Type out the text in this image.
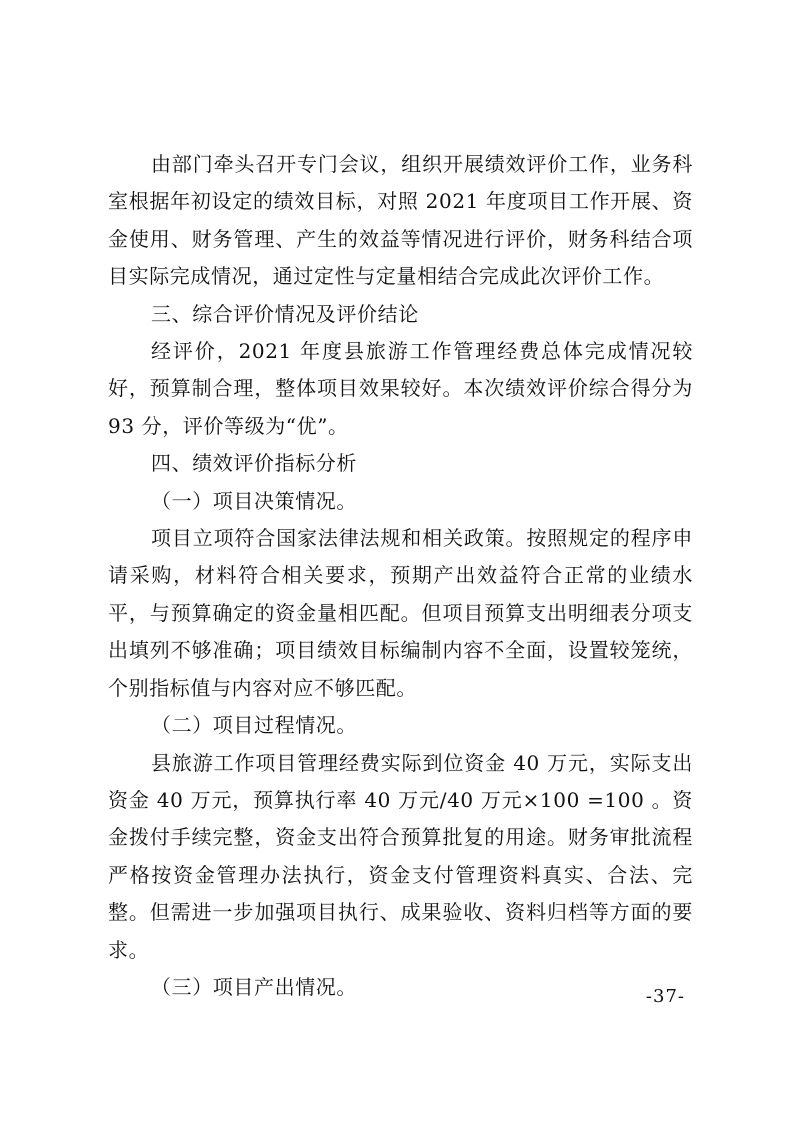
由部门牵头召开专门会议，组织开展绩效评价工作，业务科室根据年初设定的绩效目标，对照 2021 年度项目工作开展、资金使用、财务管理、产生的效益等情况进行评价，财务科结合项目实际完成情况，通过定性与定量相结合完成此次评价工作。

三、综合评价情况及评价结论

经评价，2021 年度县旅游工作管理经费总体完成情况较好，预算制合理，整体项目效果较好。本次绩效评价综合得分为 93 分，评价等级为“优”。

四、绩效评价指标分析

（一）项目决策情况。

项目立项符合国家法律法规和相关政策。按照规定的程序申请采购，材料符合相关要求，预期产出效益符合正常的业绩水平，与预算确定的资金量相匹配。但项目预算支出明细表分项支出填列不够准确；项目绩效目标编制内容不全面，设置较笼统，个别指标值与内容对应不够匹配。

（二）项目过程情况。

县旅游工作项目管理经费实际到位资金 40 万元，实际支出资金 40 万元，预算执行率 40 万元/40 万元×100 =100 。资金拨付手续完整，资金支出符合预算批复的用途。财务审批流程严格按资金管理办法执行，资金支付管理资料真实、合法、完整。但需进一步加强项目执行、成果验收、资料归档等方面的要求。

（三）项目产出情况。	-37-
